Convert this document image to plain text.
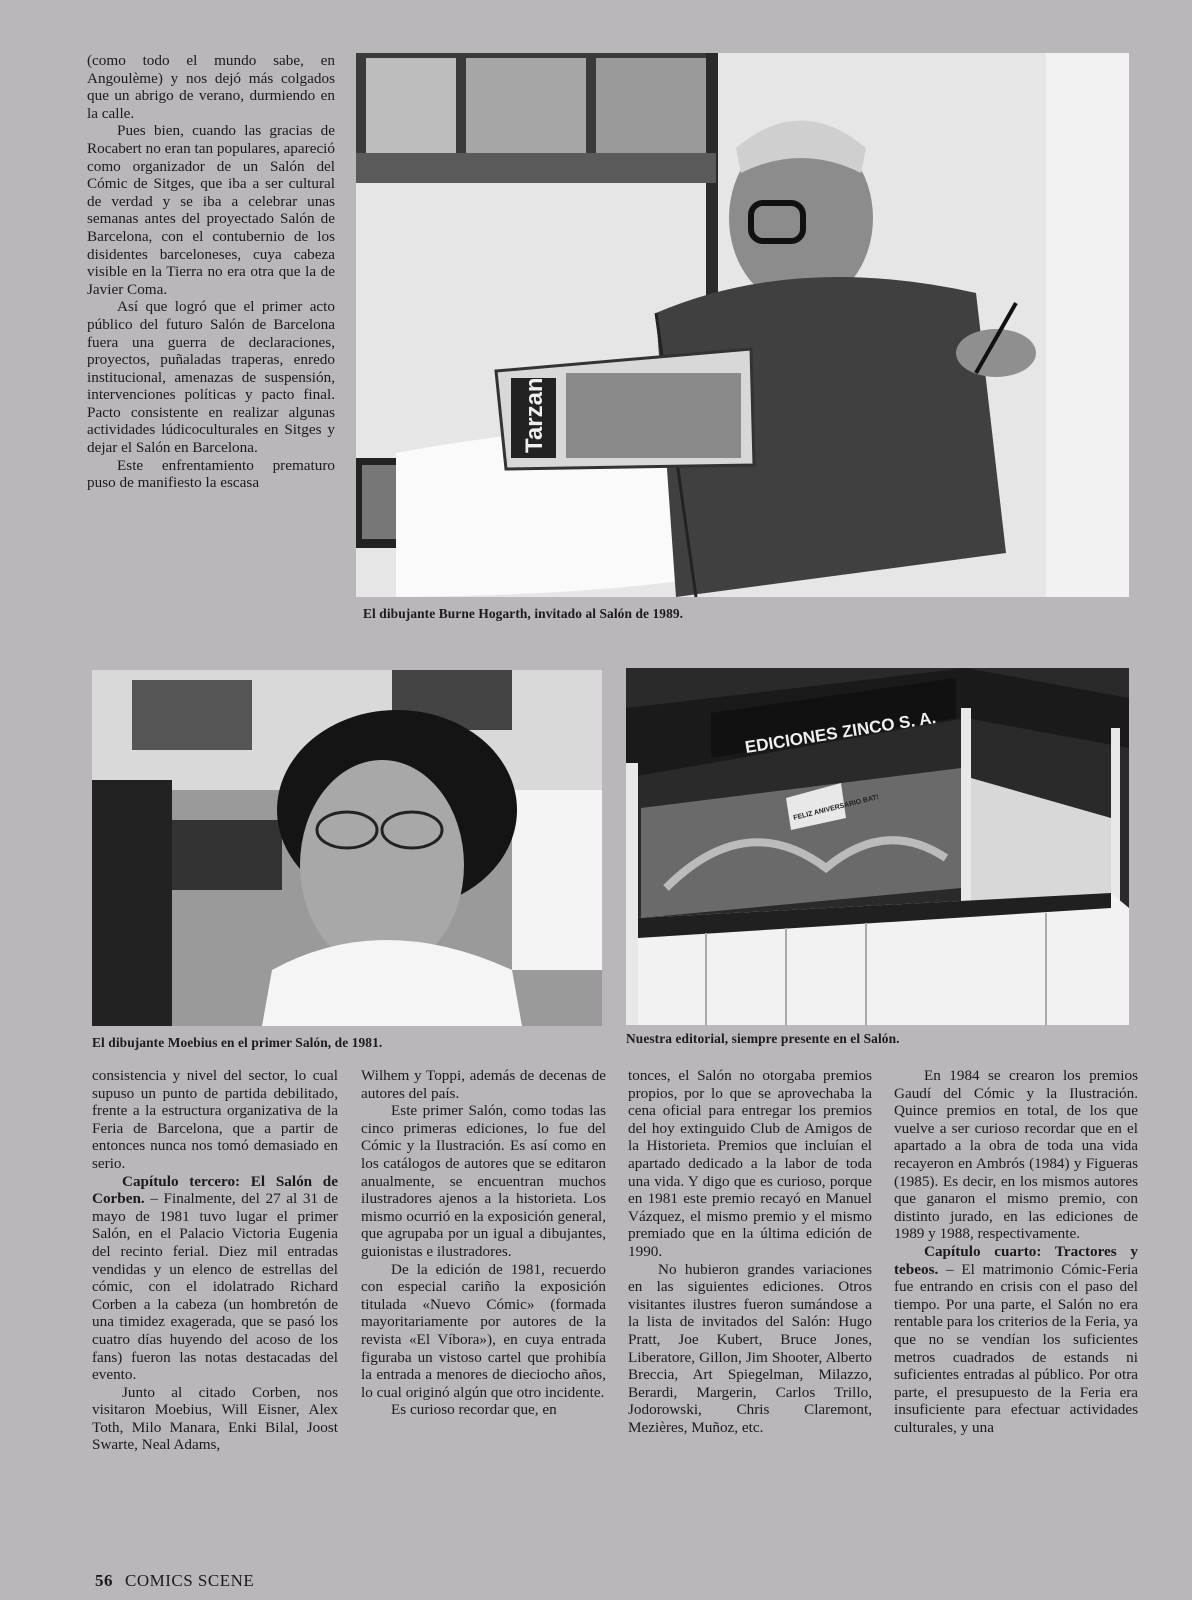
(como todo el mundo sabe, en Angoulème) y nos dejó más colgados que un abrigo de verano, durmiendo en la calle.

Pues bien, cuando las gracias de Rocabert no eran tan populares, apareció como organizador de un Salón del Cómic de Sitges, que iba a ser cultural de verdad y se iba a celebrar unas semanas antes del proyectado Salón de Barcelona, con el contubernio de los disidentes barceloneses, cuya cabeza visible en la Tierra no era otra que la de Javier Coma.

Así que logró que el primer acto público del futuro Salón de Barcelona fuera una guerra de declaraciones, proyectos, puñaladas traperas, enredo institucional, amenazas de suspensión, intervenciones políticas y pacto final. Pacto consistente en realizar algunas actividades lúdicoculturales en Sitges y dejar el Salón en Barcelona.

Este enfrentamiento prematuro puso de manifiesto la escasa

Tarzan
El dibujante Burne Hogarth, invitado al Salón de 1989.
El dibujante Moebius en el primer Salón, de 1981.
EDICIONES ZINCO S. A.
FELIZ ANIVERSARIO BAT!
Nuestra editorial, siempre presente en el Salón.

consistencia y nivel del sector, lo cual supuso un punto de partida debilitado, frente a la estructura organizativa de la Feria de Barcelona, que a partir de entonces nunca nos tomó demasiado en serio.

Capítulo tercero: El Salón de Corben. – Finalmente, del 27 al 31 de mayo de 1981 tuvo lugar el primer Salón, en el Palacio Victoria Eugenia del recinto ferial. Diez mil entradas vendidas y un elenco de estrellas del cómic, con el idolatrado Richard Corben a la cabeza (un hombretón de una timidez exagerada, que se pasó los cuatro días huyendo del acoso de los fans) fueron las notas destacadas del evento.

Junto al citado Corben, nos visitaron Moebius, Will Eisner, Alex Toth, Milo Manara, Enki Bilal, Joost Swarte, Neal Adams,

Wilhem y Toppi, además de decenas de autores del país.

Este primer Salón, como todas las cinco primeras ediciones, lo fue del Cómic y la Ilustración. Es así como en los catálogos de autores que se editaron anualmente, se encuentran muchos ilustradores ajenos a la historieta. Los mismo ocurrió en la exposición general, que agrupaba por un igual a dibujantes, guionistas e ilustradores.

De la edición de 1981, recuerdo con especial cariño la exposición titulada «Nuevo Cómic» (formada mayoritariamente por autores de la revista «El Víbora»), en cuya entrada figuraba un vistoso cartel que prohibía la entrada a menores de dieciocho años, lo cual originó algún que otro incidente.

Es curioso recordar que, en

tonces, el Salón no otorgaba premios propios, por lo que se aprovechaba la cena oficial para entregar los premios del hoy extinguido Club de Amigos de la Historieta. Premios que incluían el apartado dedicado a la labor de toda una vida. Y digo que es curioso, porque en 1981 este premio recayó en Manuel Vázquez, el mismo premio y el mismo premiado que en la última edición de 1990.

No hubieron grandes variaciones en las siguientes ediciones. Otros visitantes ilustres fueron sumándose a la lista de invitados del Salón: Hugo Pratt, Joe Kubert, Bruce Jones, Liberatore, Gillon, Jim Shooter, Alberto Breccia, Art Spiegelman, Milazzo, Berardi, Margerin, Carlos Trillo, Jodorowski, Chris Claremont, Mezières, Muñoz, etc.

En 1984 se crearon los premios Gaudí del Cómic y la Ilustración. Quince premios en total, de los que vuelve a ser curioso recordar que en el apartado a la obra de toda una vida recayeron en Ambrós (1984) y Figueras (1985). Es decir, en los mismos autores que ganaron el mismo premio, con distinto jurado, en las ediciones de 1989 y 1988, respectivamente.

Capítulo cuarto: Tractores y tebeos. – El matrimonio Cómic-Feria fue entrando en crisis con el paso del tiempo. Por una parte, el Salón no era rentable para los criterios de la Feria, ya que no se vendían los suficientes metros cuadrados de estands ni suficientes entradas al público. Por otra parte, el presupuesto de la Feria era insuficiente para efectuar actividades culturales, y una

56 COMICS SCENE
